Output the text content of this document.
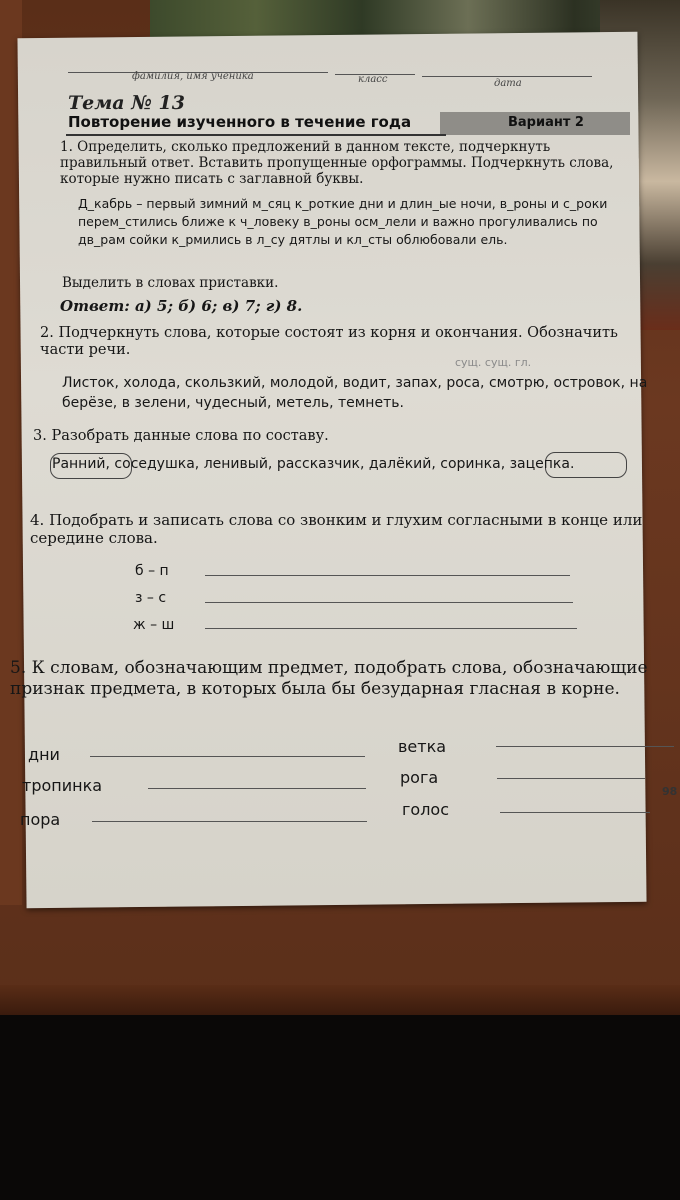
фамилия, имя ученика	класс	дата
Тема № 13
Повторение изученного в течение года	Вариант 2
1. Определить, сколько предложений в данном тексте, подчеркнуть правильный ответ. Вставить пропущенные орфограммы. Подчеркнуть слова, которые нужно писать с заглавной буквы.
Д_кабрь – первый зимний м_сяц к_роткие дни и длин_ые ночи, в_роны и с_роки перем_стились ближе к ч_ловеку в_роны осм_лели и важно прогуливались по дв_рам сойки к_рмились в л_су дятлы и кл_сты облюбовали ель.
Выделить в словах приставки.
Ответ: а) 5; б) 6; в) 7; г) 8.
2. Подчеркнуть слова, которые состоят из корня и окончания. Обозначить части речи.
сущ. сущ. гл.
Листок, холода, скользкий, молодой, водит, запах, роса, смотрю, островок, на берёзе, в зелени, чудесный, метель, темнеть.
3. Разобрать данные слова по составу.
Ранний, соседушка, ленивый, рассказчик, далёкий, соринка, зацепка.
4. Подобрать и записать слова со звонким и глухим согласными в конце или середине слова.
б – п
з – с
ж – ш
5. К словам, обозначающим предмет, подобрать слова, обозначающие признак предмета, в которых была бы безударная гласная в корне.
дни
тропинка
пора
ветка
рога
голос
98
